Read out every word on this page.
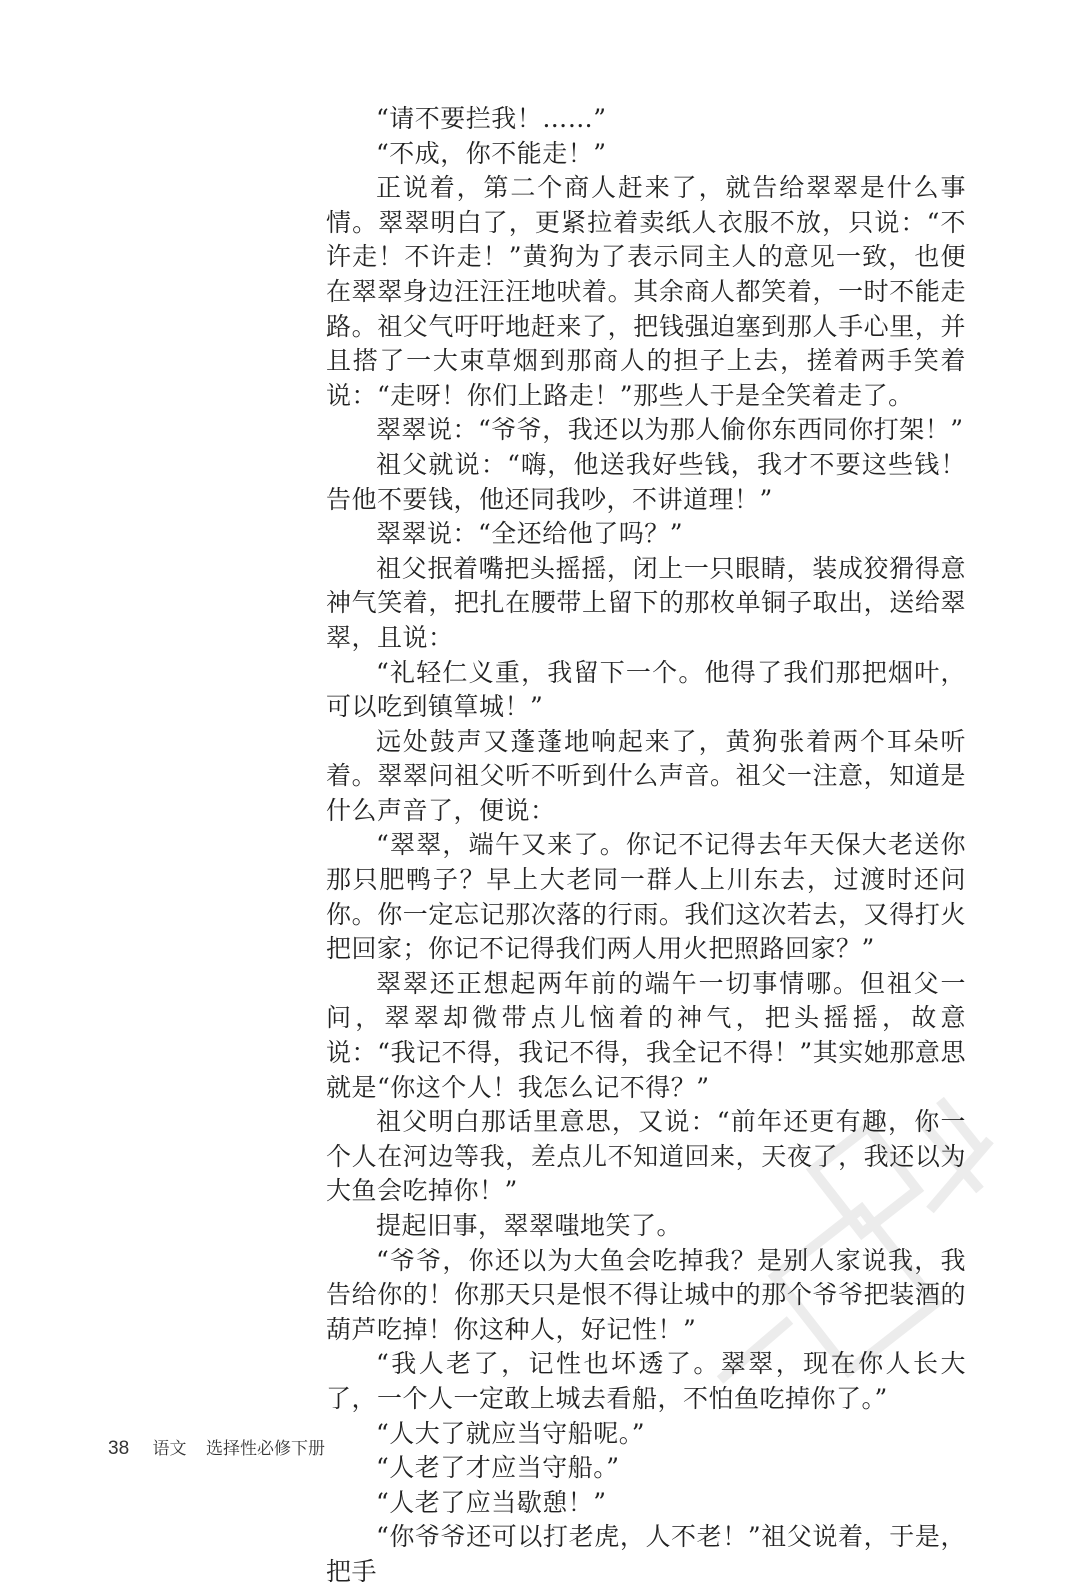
“请不要拦我！……”

“不成，你不能走！”

正说着，第二个商人赶来了，就告给翠翠是什么事情。翠翠明白了，更紧拉着卖纸人衣服不放，只说：“不许走！不许走！”黄狗为了表示同主人的意见一致，也便在翠翠身边汪汪汪地吠着。其余商人都笑着，一时不能走路。祖父气吁吁地赶来了，把钱强迫塞到那人手心里，并且搭了一大束草烟到那商人的担子上去，搓着两手笑着说：“走呀！你们上路走！”那些人于是全笑着走了。

翠翠说：“爷爷，我还以为那人偷你东西同你打架！”

祖父就说：“嗨，他送我好些钱，我才不要这些钱！告他不要钱，他还同我吵，不讲道理！”

翠翠说：“全还给他了吗？”

祖父抿着嘴把头摇摇，闭上一只眼睛，装成狡猾得意神气笑着，把扎在腰带上留下的那枚单铜子取出，送给翠翠，且说：

“礼轻仁义重，我留下一个。他得了我们那把烟叶，可以吃到镇筸城！”

远处鼓声又蓬蓬地响起来了，黄狗张着两个耳朵听着。翠翠问祖父听不听到什么声音。祖父一注意，知道是什么声音了，便说：

“翠翠，端午又来了。你记不记得去年天保大老送你那只肥鸭子？早上大老同一群人上川东去，过渡时还问你。你一定忘记那次落的行雨。我们这次若去，又得打火把回家；你记不记得我们两人用火把照路回家？”

翠翠还正想起两年前的端午一切事情哪。但祖父一问，翠翠却微带点儿恼着的神气，把头摇摇，故意说：“我记不得，我记不得，我全记不得！”其实她那意思就是“你这个人！我怎么记不得？”

祖父明白那话里意思，又说：“前年还更有趣，你一个人在河边等我，差点儿不知道回来，天夜了，我还以为大鱼会吃掉你！”

提起旧事，翠翠嗤地笑了。

“爷爷，你还以为大鱼会吃掉我？是别人家说我，我告给你的！你那天只是恨不得让城中的那个爷爷把装酒的葫芦吃掉！你这种人，好记性！”

“我人老了，记性也坏透了。翠翠，现在你人长大了，一个人一定敢上城去看船，不怕鱼吃掉你了。”

“人大了就应当守船呢。”

“人老了才应当守船。”

“人老了应当歇憩！”

“你爷爷还可以打老虎，人不老！”祖父说着，于是，把手

38 语文 选择性必修下册
